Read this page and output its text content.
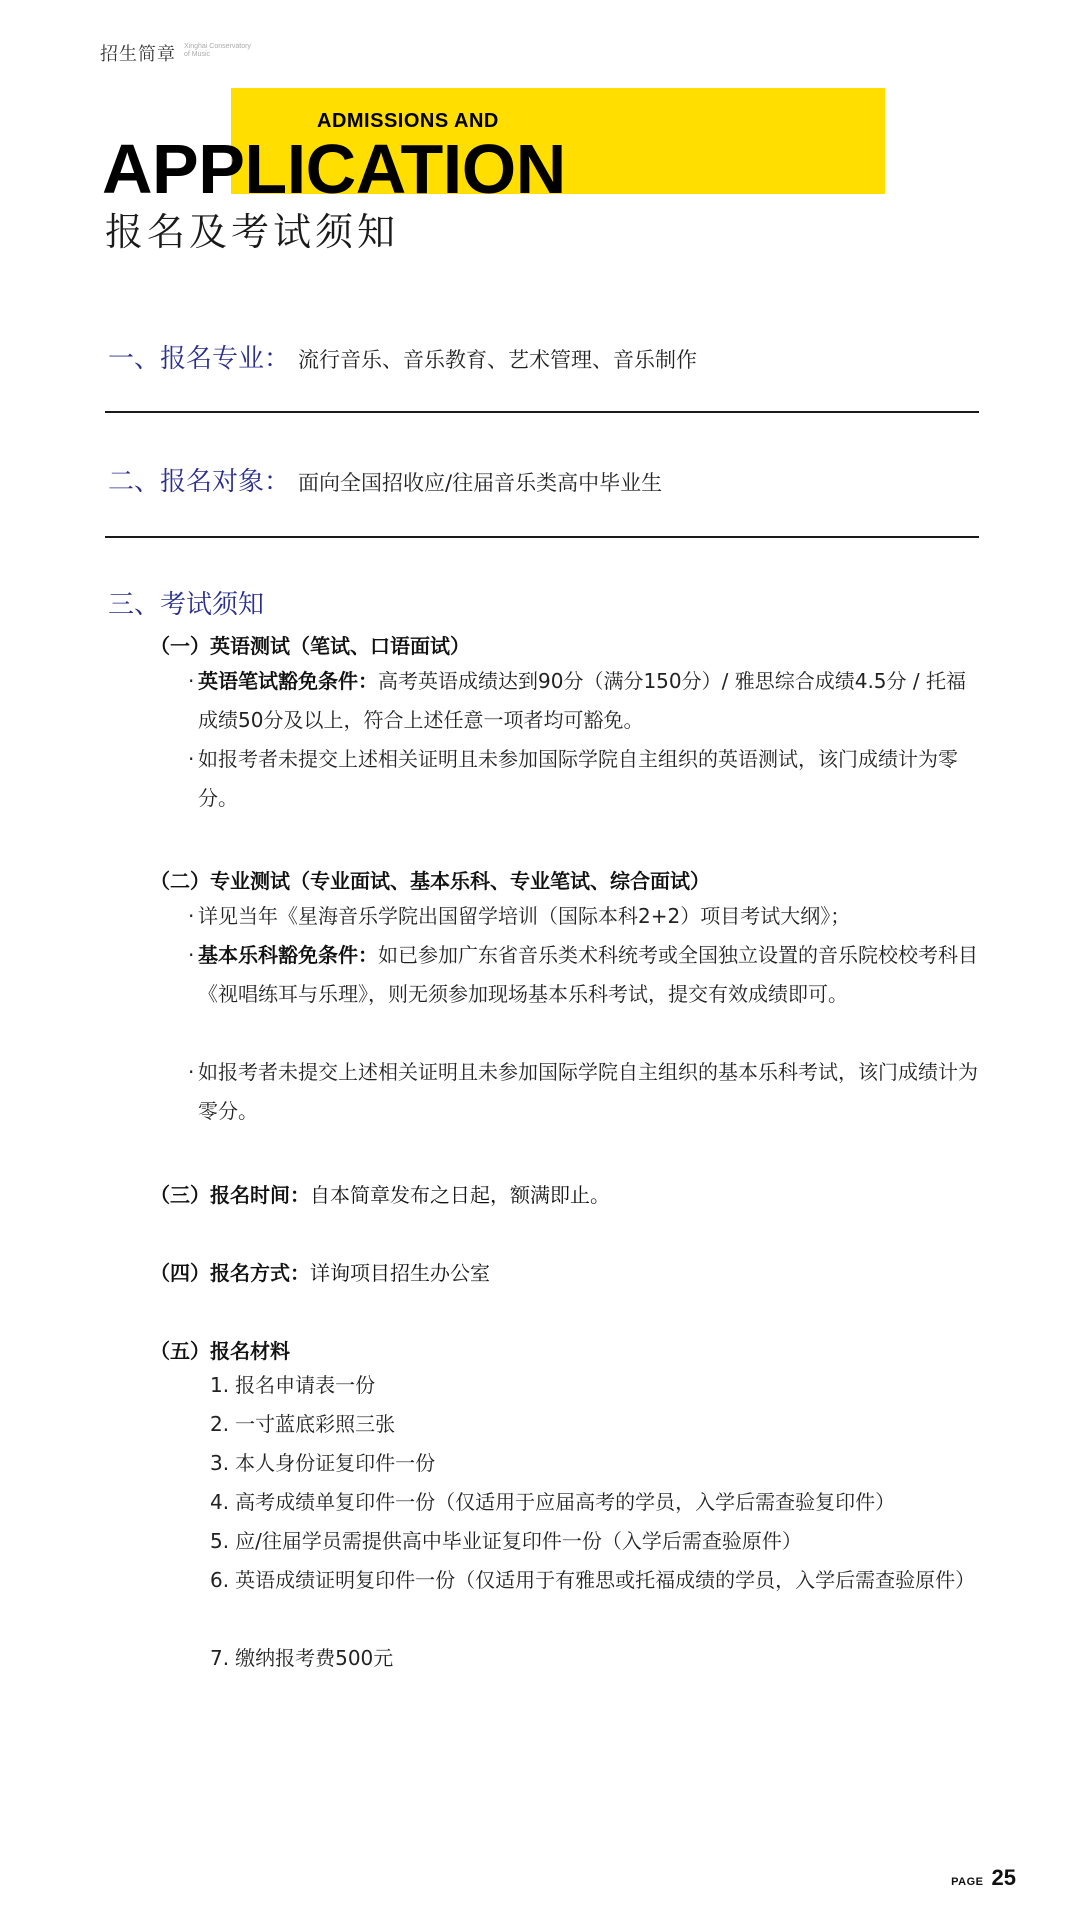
招生简章 Xinghai Conservatory
of Music
ADMISSIONS AND
APPLICATION
报名及考试须知
一、报名专业： 流行音乐、音乐教育、艺术管理、音乐制作
二、报名对象： 面向全国招收应/往届音乐类高中毕业生
三、考试须知
（一）英语测试（笔试、口语面试）
· 英语笔试豁免条件：高考英语成绩达到90分（满分150分）/ 雅思综合成绩4.5分 / 托福成绩50分及以上，符合上述任意一项者均可豁免。
· 如报考者未提交上述相关证明且未参加国际学院自主组织的英语测试，该门成绩计为零分。
（二）专业测试（专业面试、基本乐科、专业笔试、综合面试）
· 详见当年《星海音乐学院出国留学培训（国际本科2+2）项目考试大纲》；
· 基本乐科豁免条件：如已参加广东省音乐类术科统考或全国独立设置的音乐院校校考科目《视唱练耳与乐理》，则无须参加现场基本乐科考试，提交有效成绩即可。
· 如报考者未提交上述相关证明且未参加国际学院自主组织的基本乐科考试，该门成绩计为零分。
（三）报名时间：自本简章发布之日起，额满即止。
（四）报名方式：详询项目招生办公室
（五）报名材料
1. 报名申请表一份
2. 一寸蓝底彩照三张
3. 本人身份证复印件一份
4. 高考成绩单复印件一份（仅适用于应届高考的学员，入学后需查验复印件）
5. 应/往届学员需提供高中毕业证复印件一份（入学后需查验原件）
6. 英语成绩证明复印件一份（仅适用于有雅思或托福成绩的学员，入学后需查验原件）
7. 缴纳报考费500元
PAGE 25
